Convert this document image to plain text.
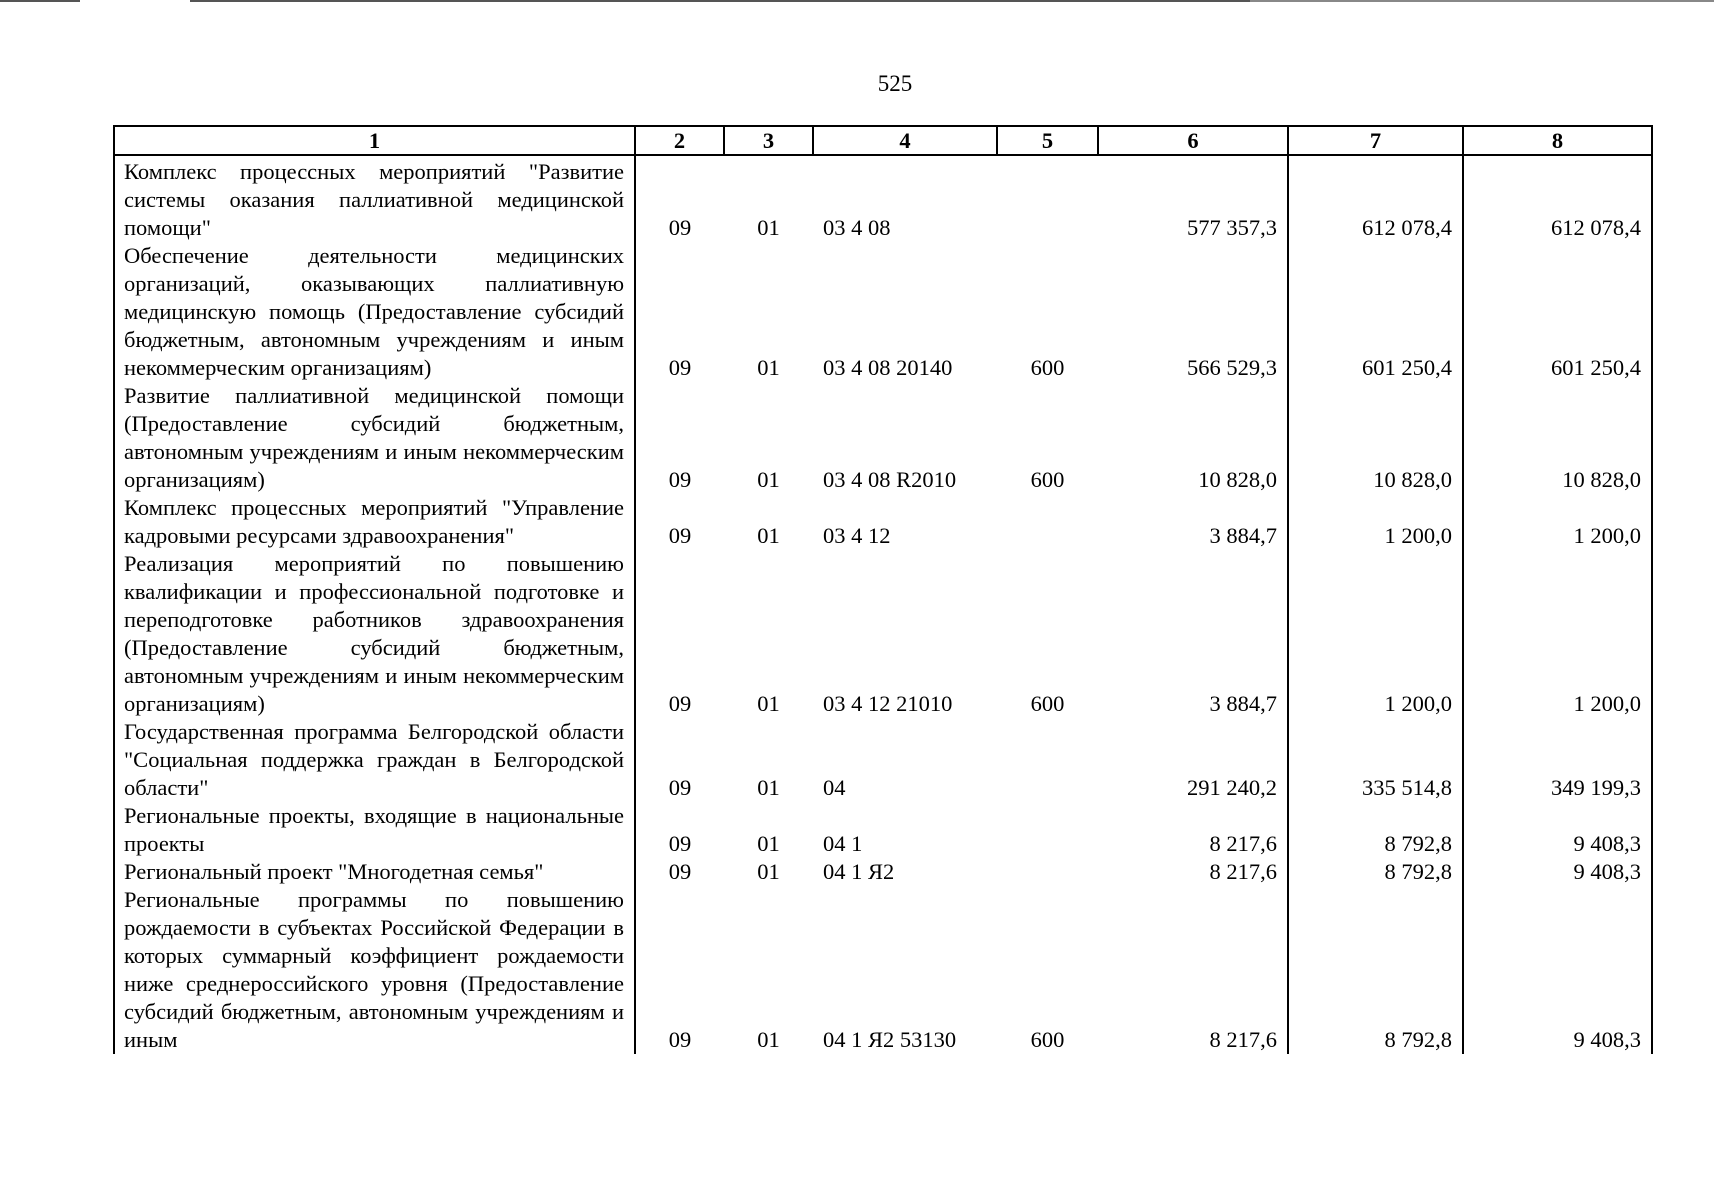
525
1	2	3	4	5	6	7	8
Комплекс процессных мероприятий "Развитие системы оказания паллиативной медицинской помощи"	09	01	03 4 08		577 357,3	612 078,4	612 078,4
Обеспечение деятельности медицинских организаций, оказывающих паллиативную медицинскую помощь (Предоставление субсидий бюджетным, автономным учреждениям и иным некоммерческим организациям)	09	01	03 4 08 20140	600	566 529,3	601 250,4	601 250,4
Развитие паллиативной медицинской помощи (Предоставление субсидий бюджетным, автономным учреждениям и иным некоммерческим организациям)	09	01	03 4 08 R2010	600	10 828,0	10 828,0	10 828,0
Комплекс процессных мероприятий "Управление кадровыми ресурсами здравоохранения"	09	01	03 4 12		3 884,7	1 200,0	1 200,0
Реализация мероприятий по повышению квалификации и профессиональной подготовке и переподготовке работников здравоохранения (Предоставление субсидий бюджетным, автономным учреждениям и иным некоммерческим организациям)	09	01	03 4 12 21010	600	3 884,7	1 200,0	1 200,0
Государственная программа Белгородской области "Социальная поддержка граждан в Белгородской области"	09	01	04		291 240,2	335 514,8	349 199,3
Региональные проекты, входящие в национальные проекты	09	01	04 1		8 217,6	8 792,8	9 408,3
Региональный проект "Многодетная семья"	09	01	04 1 Я2		8 217,6	8 792,8	9 408,3
Региональные программы по повышению рождаемости в субъектах Российской Федерации в которых суммарный коэффициент рождаемости ниже среднероссийского уровня (Предоставление субсидий бюджетным, автономным учреждениям и иным	09	01	04 1 Я2 53130	600	8 217,6	8 792,8	9 408,3
